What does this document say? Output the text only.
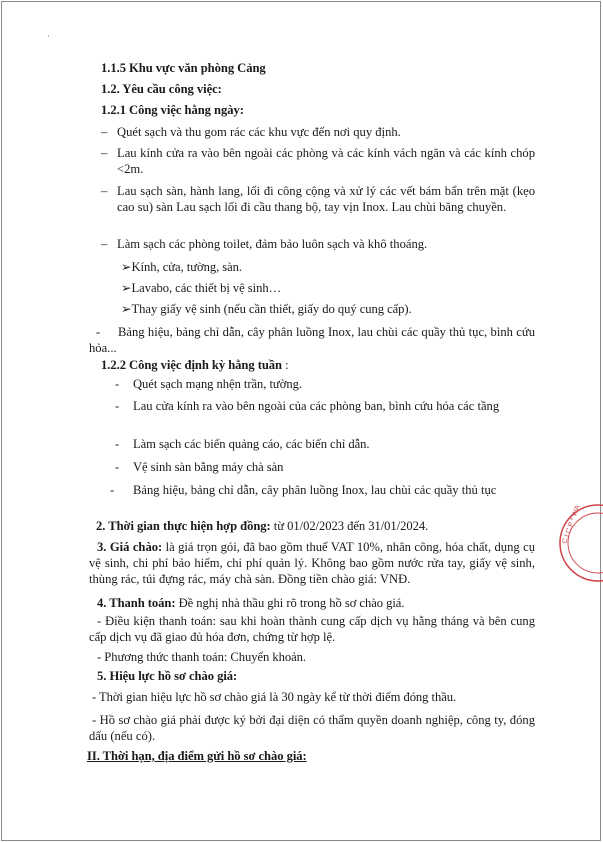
˙
1.1.5 Khu vực văn phòng Cảng
1.2. Yêu cầu công việc:
1.2.1 Công việc hằng ngày:
– Quét sạch và thu gom rác các khu vực đến nơi quy định.
– Lau kính cửa ra vào bên ngoài các phòng và các kính vách ngăn và các kính chóp <2m.
– Lau sạch sàn, hành lang, lối đi công cộng và xử lý các vết bám bẩn trên mặt (kẹo cao su) sàn Lau sạch lối đi cầu thang bộ, tay vịn Inox. Lau chùi băng chuyền.
– Làm sạch các phòng toilet, đảm bảo luôn sạch và khô thoáng.
➢Kính, cửa, tường, sàn.
➢Lavabo, các thiết bị vệ sinh…
➢Thay giấy vệ sinh (nếu cần thiết, giấy do quý cung cấp).
-	Bảng hiệu, bảng chỉ dẫn, cây phân luồng Inox, lau chùi các quầy thủ tục, bình cứu hỏa...
1.2.2 Công việc định kỳ hằng tuần :
- Quét sạch mạng nhện trần, tường.
-	Lau cửa kính ra vào bên ngoài của các phòng ban, bình cứu hỏa các tầng
- Làm sạch các biển quảng cáo, các biển chỉ dẫn.
- Vệ sinh sàn bằng máy chà sàn
-	Bảng hiệu, bảng chỉ dẫn, cây phân luồng Inox, lau chùi các quầy thủ tục
2. Thời gian thực hiện hợp đồng: từ 01/02/2023 đến 31/01/2024.
3. Giá chào: là giá trọn gói, đã bao gồm thuế VAT 10%, nhân công, hóa chất, dụng cụ vệ sinh, chi phí bảo hiểm, chi phí quản lý. Không bao gồm nước rửa tay, giấy vệ sinh, thùng rác, túi đựng rác, máy chà sàn. Đồng tiền chào giá: VNĐ.
4. Thanh toán: Đề nghị nhà thầu ghi rõ trong hồ sơ chào giá.
- Điều kiện thanh toán: sau khi hoàn thành cung cấp dịch vụ hằng tháng và bên cung cấp dịch vụ đã giao đủ hóa đơn, chứng từ hợp lệ.
- Phương thức thanh toán: Chuyển khoản.
5. Hiệu lực hồ sơ chào giá:
- Thời gian hiệu lực hồ sơ chào giá là 30 ngày kể từ thời điểm đóng thầu.
- Hồ sơ chào giá phải được ký bởi đại diện có thẩm quyền doanh nghiệp, công ty, đóng dấu (nếu có).
II. Thời hạn, địa điểm gửi hồ sơ chào giá:
C.I.C.P * WA
